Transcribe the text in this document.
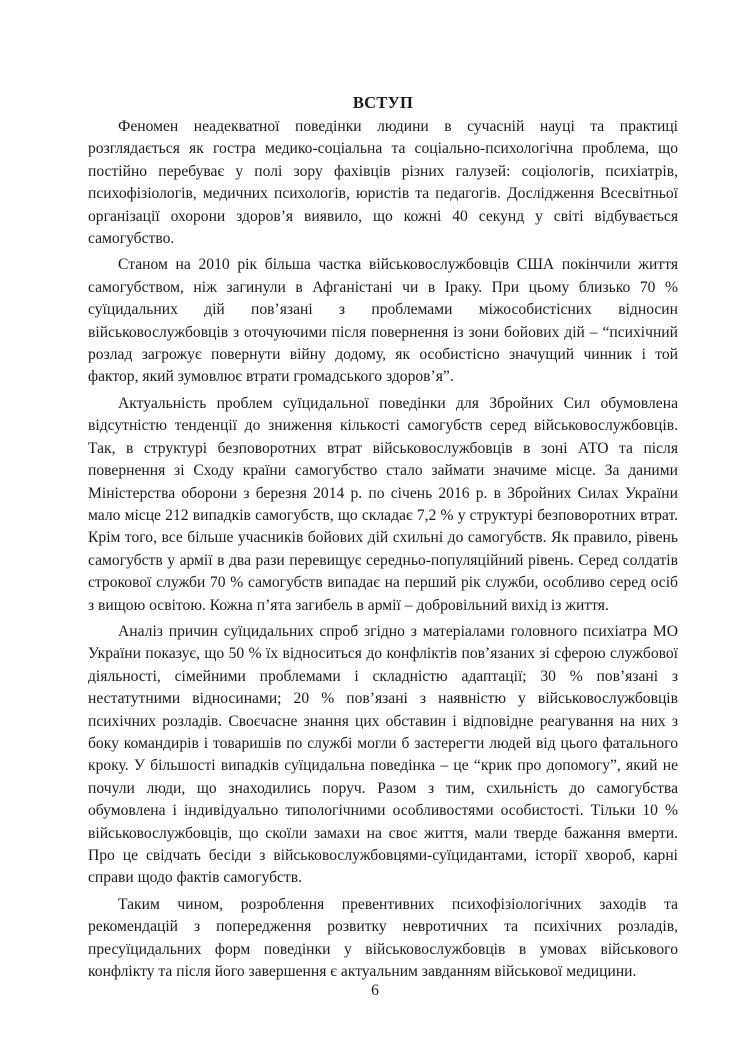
ВСТУП

Феномен неадекватної поведінки людини в сучасній науці та практиці розглядається як гостра медико-соціальна та соціально-психологічна проблема, що постійно перебуває у полі зору фахівців різних галузей: соціологів, психіатрів, психофізіологів, медичних психологів, юристів та педагогів. Дослідження Всесвітньої організації охорони здоров’я виявило, що кожні 40 секунд у світі відбувається самогубство.

Станом на 2010 рік більша частка військовослужбовців США покінчили життя самогубством, ніж загинули в Афганістані чи в Іраку. При цьому близько 70 % суїцидальних дій пов’язані з проблемами міжособистісних відносин військовослужбовців з оточуючими після повернення із зони бойових дій – “психічний розлад загрожує повернути війну додому, як особистісно значущий чинник і той фактор, який зумовлює втрати громадського здоров’я”.

Актуальність проблем суїцидальної поведінки для Збройних Сил обумовлена відсутністю тенденції до зниження кількості самогубств серед військовослужбовців. Так, в структурі безповоротних втрат військовослужбовців в зоні АТО та після повернення зі Сходу країни самогубство стало займати значиме місце. За даними Міністерства оборони з березня 2014 р. по січень 2016 р. в Збройних Силах України мало місце 212 випадків самогубств, що складає 7,2 % у структурі безповоротних втрат. Крім того, все більше учасників бойових дій схильні до самогубств. Як правило, рівень самогубств у армії в два рази перевищує середньо-популяційний рівень. Серед солдатів строкової служби 70 % самогубств випадає на перший рік служби, особливо серед осіб з вищою освітою. Кожна п’ята загибель в армії – добровільний вихід із життя.

Аналіз причин суїцидальних спроб згідно з матеріалами головного психіатра МО України показує, що 50 % їх відноситься до конфліктів пов’язаних зі сферою службової діяльності, сімейними проблемами і складністю адаптації; 30 % пов’язані з нестатутними відносинами; 20 % пов’язані з наявністю у військовослужбовців психічних розладів. Своєчасне знання цих обставин і відповідне реагування на них з боку командирів і товаришів по службі могли б застерегти людей від цього фатального кроку. У більшості випадків суїцидальна поведінка – це “крик про допомогу”, який не почули люди, що знаходились поруч. Разом з тим, схильність до самогубства обумовлена і індивідуально типологічними особливостями особистості. Тільки 10 % військовослужбовців, що скоїли замахи на своє життя, мали тверде бажання вмерти. Про це свідчать бесіди з військовослужбовцями-суїцидантами, історії хвороб, карні справи щодо фактів самогубств.

Таким чином, розроблення превентивних психофізіологічних заходів та рекомендацій з попередження розвитку невротичних та психічних розладів, пресуїцидальних форм поведінки у військовослужбовців в умовах військового конфлікту та після його завершення є актуальним завданням військової медицини.

6
